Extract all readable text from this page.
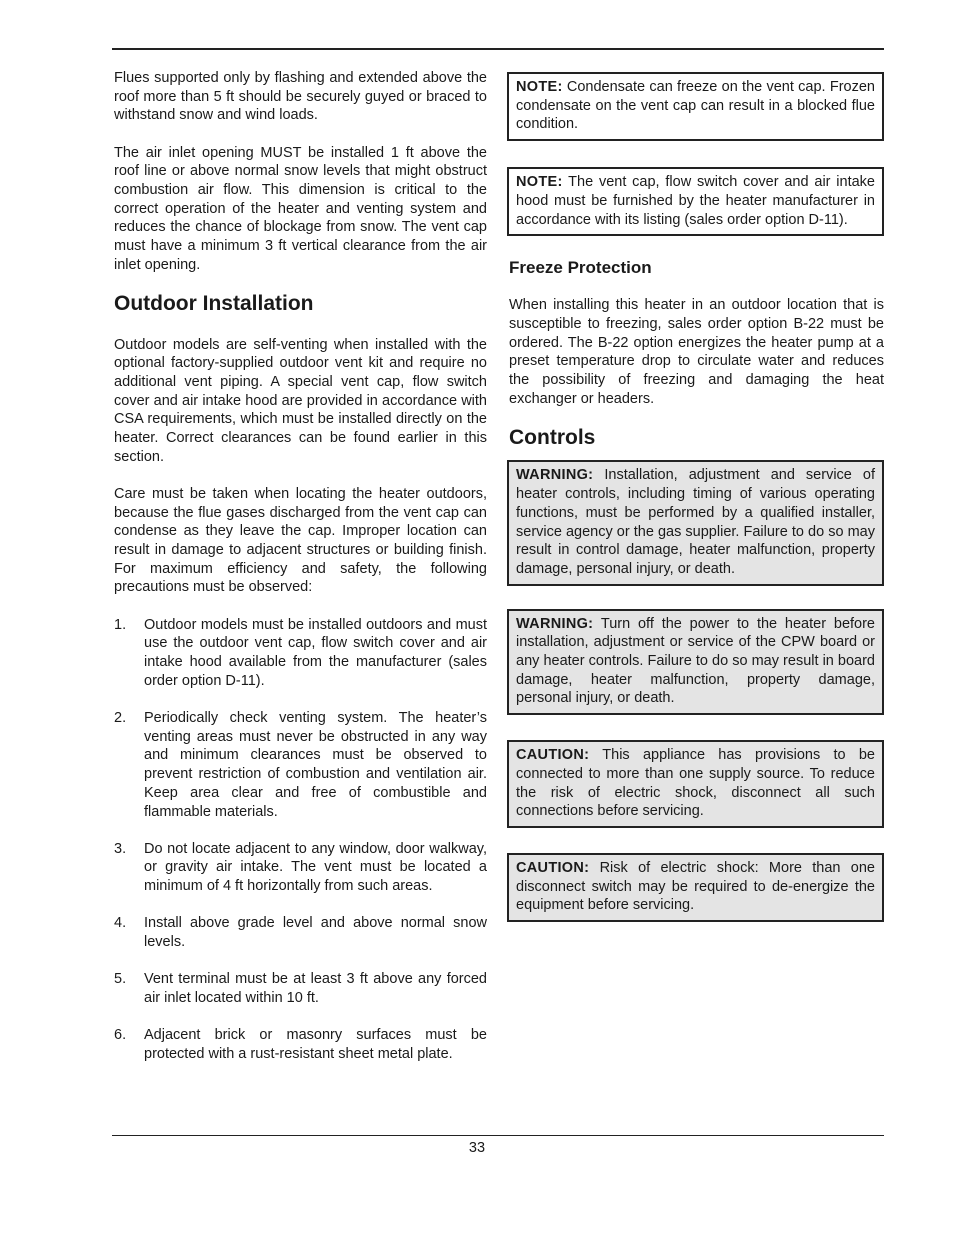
Flues supported only by flashing and extended above the roof more than 5 ft should be securely guyed or braced to withstand snow and wind loads.

The air inlet opening MUST be installed 1 ft above the roof line or above normal snow levels that might obstruct combustion air flow. This dimension is critical to the correct operation of the heater and venting system and reduces the chance of blockage from snow. The vent cap must have a minimum 3 ft vertical clearance from the air inlet opening.

Outdoor Installation

Outdoor models are self-venting when installed with the optional factory-supplied outdoor vent kit and require no additional vent piping. A special vent cap, flow switch cover and air intake hood are provided in accordance with CSA requirements, which must be installed directly on the heater. Correct clearances can be found earlier in this section.

Care must be taken when locating the heater outdoors, because the flue gases discharged from the vent cap can condense as they leave the cap. Improper location can result in damage to adjacent structures or building finish. For maximum efficiency and safety, the following precautions must be observed:

1. Outdoor models must be installed outdoors and must use the outdoor vent cap, flow switch cover and air intake hood available from the manufacturer (sales order option D-11).
2. Periodically check venting system. The heater’s venting areas must never be obstructed in any way and minimum clearances must be observed to prevent restriction of combustion and ventilation air. Keep area clear and free of combustible and flammable materials.
3. Do not locate adjacent to any window, door walkway, or gravity air intake. The vent must be located a minimum of 4 ft horizontally from such areas.
4. Install above grade level and above normal snow levels.
5. Vent terminal must be at least 3 ft above any forced air inlet located within 10 ft.
6. Adjacent brick or masonry surfaces must be protected with a rust-resistant sheet metal plate.
NOTE: Condensate can freeze on the vent cap. Frozen condensate on the vent cap can result in a blocked flue condition.
NOTE: The vent cap, flow switch cover and air intake hood must be furnished by the heater manufacturer in accordance with its listing (sales order option D-11).
Freeze Protection

When installing this heater in an outdoor location that is susceptible to freezing, sales order option B-22 must be ordered. The B-22 option energizes the heater pump at a preset temperature drop to circulate water and reduces the possibility of freezing and damaging the heat exchanger or headers.

Controls
WARNING: Installation, adjustment and service of heater controls, including timing of various operating functions, must be performed by a qualified installer, service agency or the gas supplier. Failure to do so may result in control damage, heater malfunction, property damage, personal injury, or death.
WARNING: Turn off the power to the heater before installation, adjustment or service of the CPW board or any heater controls. Failure to do so may result in board damage, heater malfunction, property damage, personal injury, or death.
CAUTION: This appliance has provisions to be connected to more than one supply source. To reduce the risk of electric shock, disconnect all such connections before servicing.
CAUTION: Risk of electric shock: More than one disconnect switch may be required to de-energize the equipment before servicing.
33
